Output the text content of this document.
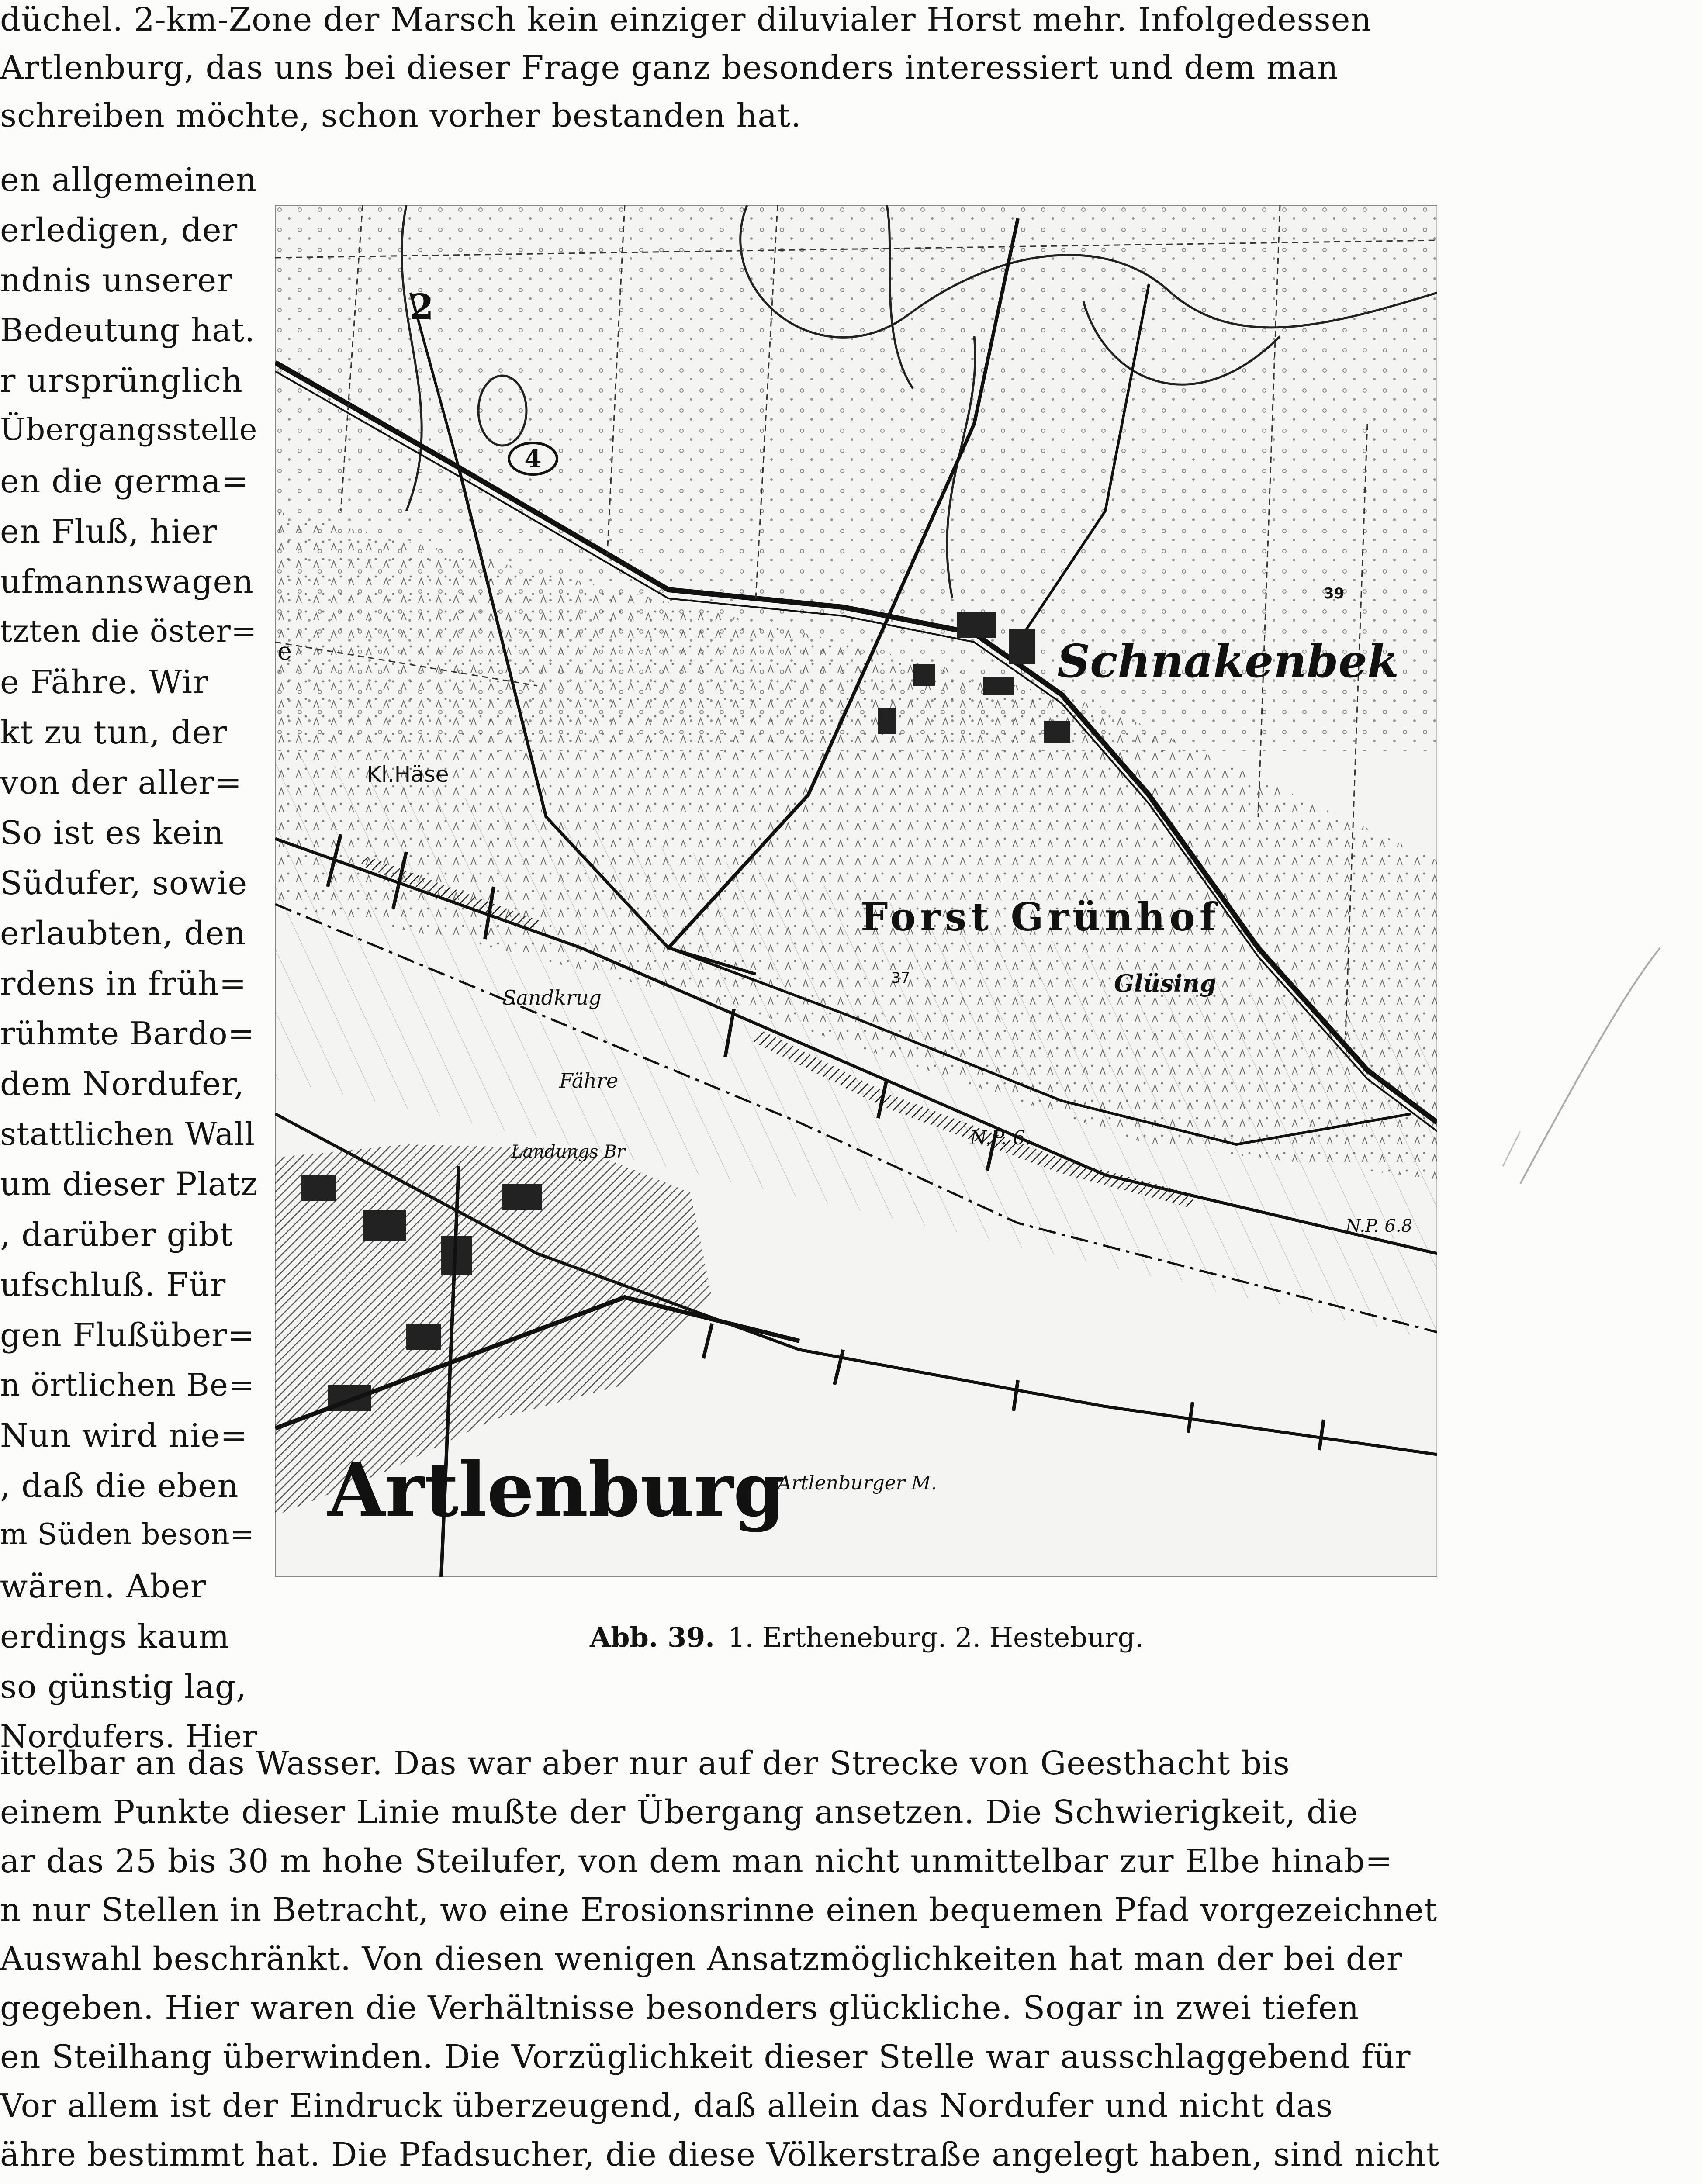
düchel. 2-km-Zone der Marsch kein einziger diluvialer Horst mehr. Infolgedessen
Artlenburg, das uns bei dieser Frage ganz besonders interessiert und dem man
schreiben möchte, schon vorher bestanden hat.
en allgemeinen
erledigen, der
ndnis unserer
Bedeutung hat.
r ursprünglich
Übergangsstelle
en die germa=
en Fluß, hier
ufmannswagen
tzten die öster=
e Fähre. Wir
kt zu tun, der
von der aller=
So ist es kein
Südufer, sowie
erlaubten, den
rdens in früh=
rühmte Bardo=
dem Nordufer,
stattlichen Wall
um dieser Platz
, darüber gibt
ufschluß. Für
gen Flußüber=
n örtlichen Be=
Nun wird nie=
, daß die eben
m Süden beson=
wären. Aber
erdings kaum
so günstig lag,
Nordufers. Hier
4
2
Schnakenbek
Forst Grünhof
Artlenburg
Kl.Häse
Sandkrug
Fähre
Landungs Br
Glüsing
Artlenburger M.
N.P. 6.
N.P. 6.8
39
37
e
Abb. 39. 1. Ertheneburg. 2. Hesteburg.
ittelbar an das Wasser. Das war aber nur auf der Strecke von Geesthacht bis
einem Punkte dieser Linie mußte der Übergang ansetzen. Die Schwierigkeit, die
ar das 25 bis 30 m hohe Steilufer, von dem man nicht unmittelbar zur Elbe hinab=
n nur Stellen in Betracht, wo eine Erosionsrinne einen bequemen Pfad vorgezeichnet
Auswahl beschränkt. Von diesen wenigen Ansatzmöglichkeiten hat man der bei der
gegeben. Hier waren die Verhältnisse besonders glückliche. Sogar in zwei tiefen
en Steilhang überwinden. Die Vorzüglichkeit dieser Stelle war ausschlaggebend für
Vor allem ist der Eindruck überzeugend, daß allein das Nordufer und nicht das
ähre bestimmt hat. Die Pfadsucher, die diese Völkerstraße angelegt haben, sind nicht
